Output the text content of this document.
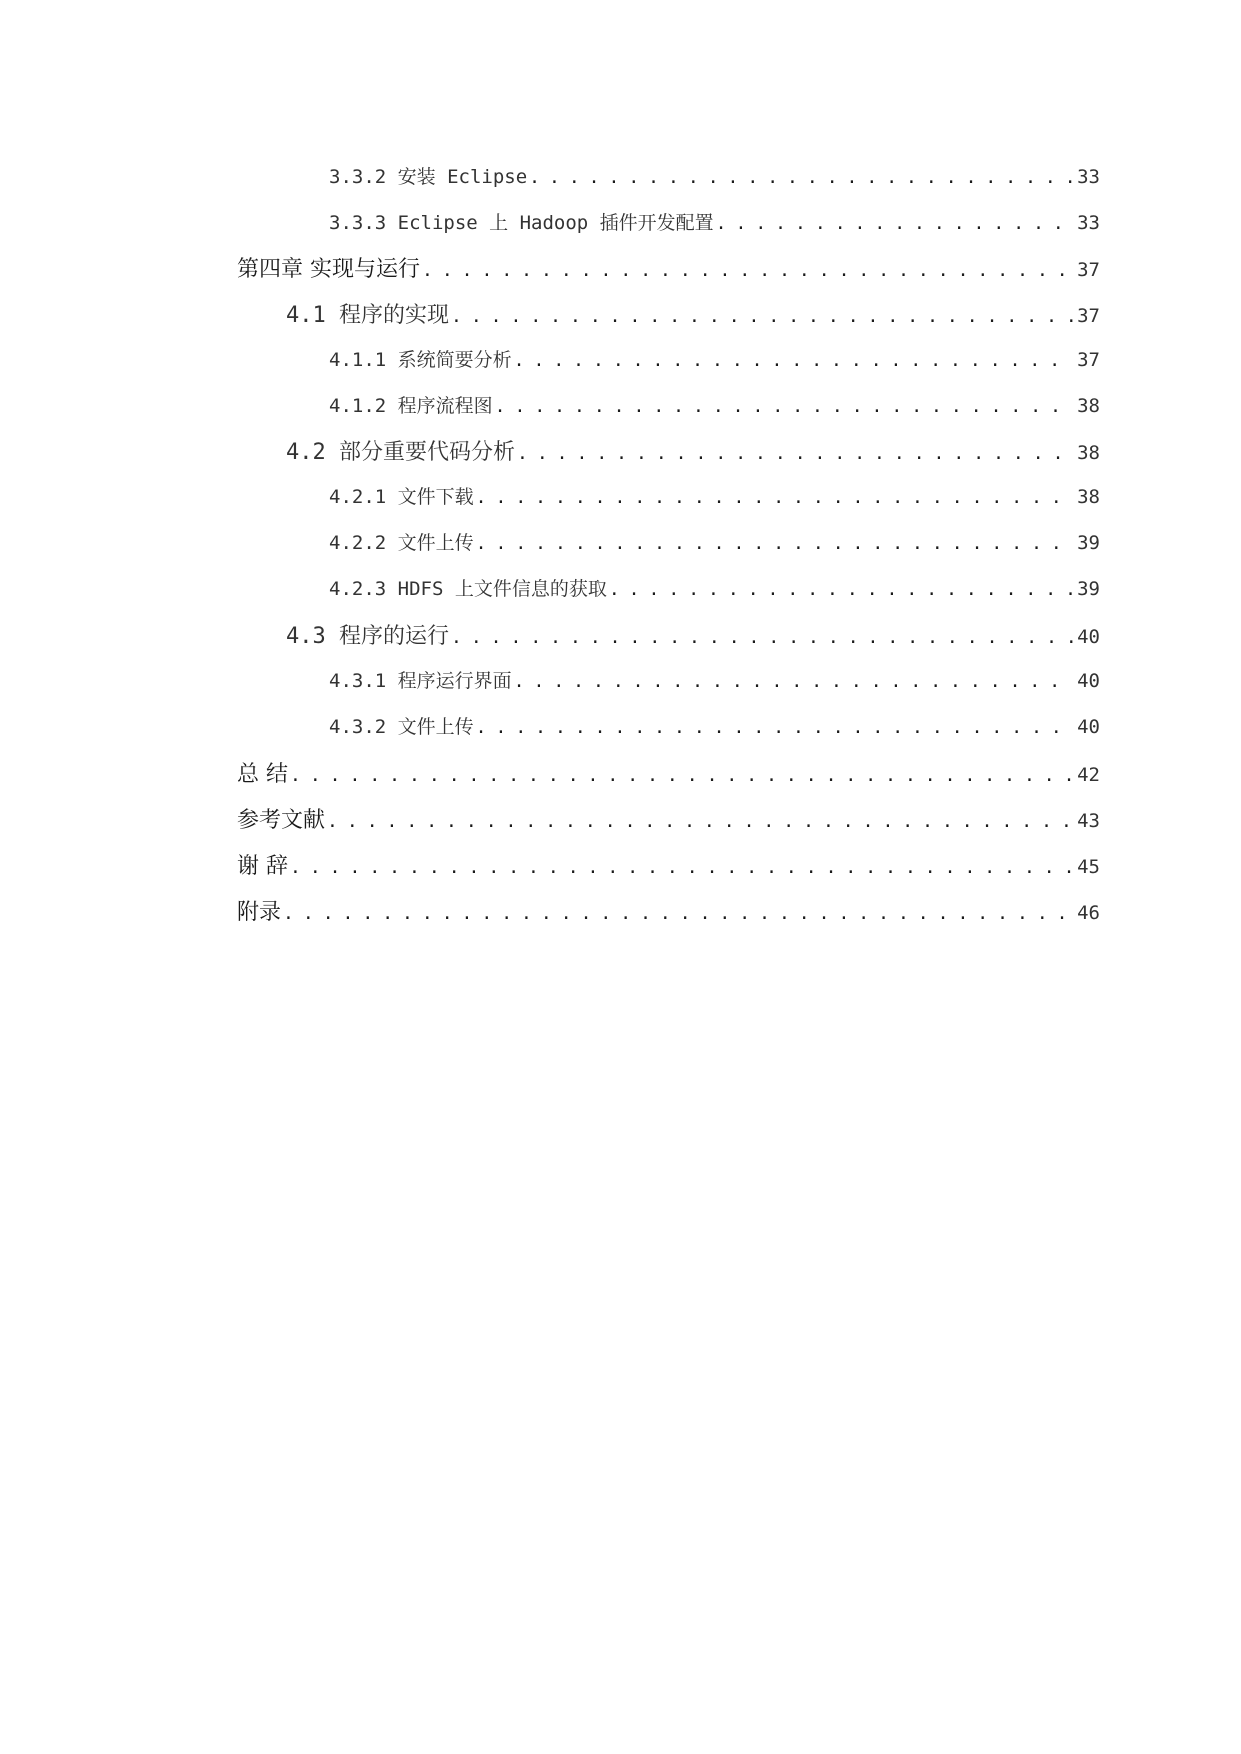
3.3.2 安装 Eclipse .....	33
3.3.3 Eclipse 上 Hadoop 插件开发配置 .....	33
第四章 实现与运行 .....	37
4.1 程序的实现 .....	37
4.1.1 系统简要分析 .....	37
4.1.2 程序流程图 .....	38
4.2 部分重要代码分析 .....	38
4.2.1 文件下载 .....	38
4.2.2 文件上传 .....	39
4.2.3 HDFS 上文件信息的获取 .....	39
4.3 程序的运行 .....	40
4.3.1 程序运行界面 .....	40
4.3.2 文件上传 .....	40
总 结 .....	42
参考文献 .....	43
谢 辞 .....	45
附录 .....	46
